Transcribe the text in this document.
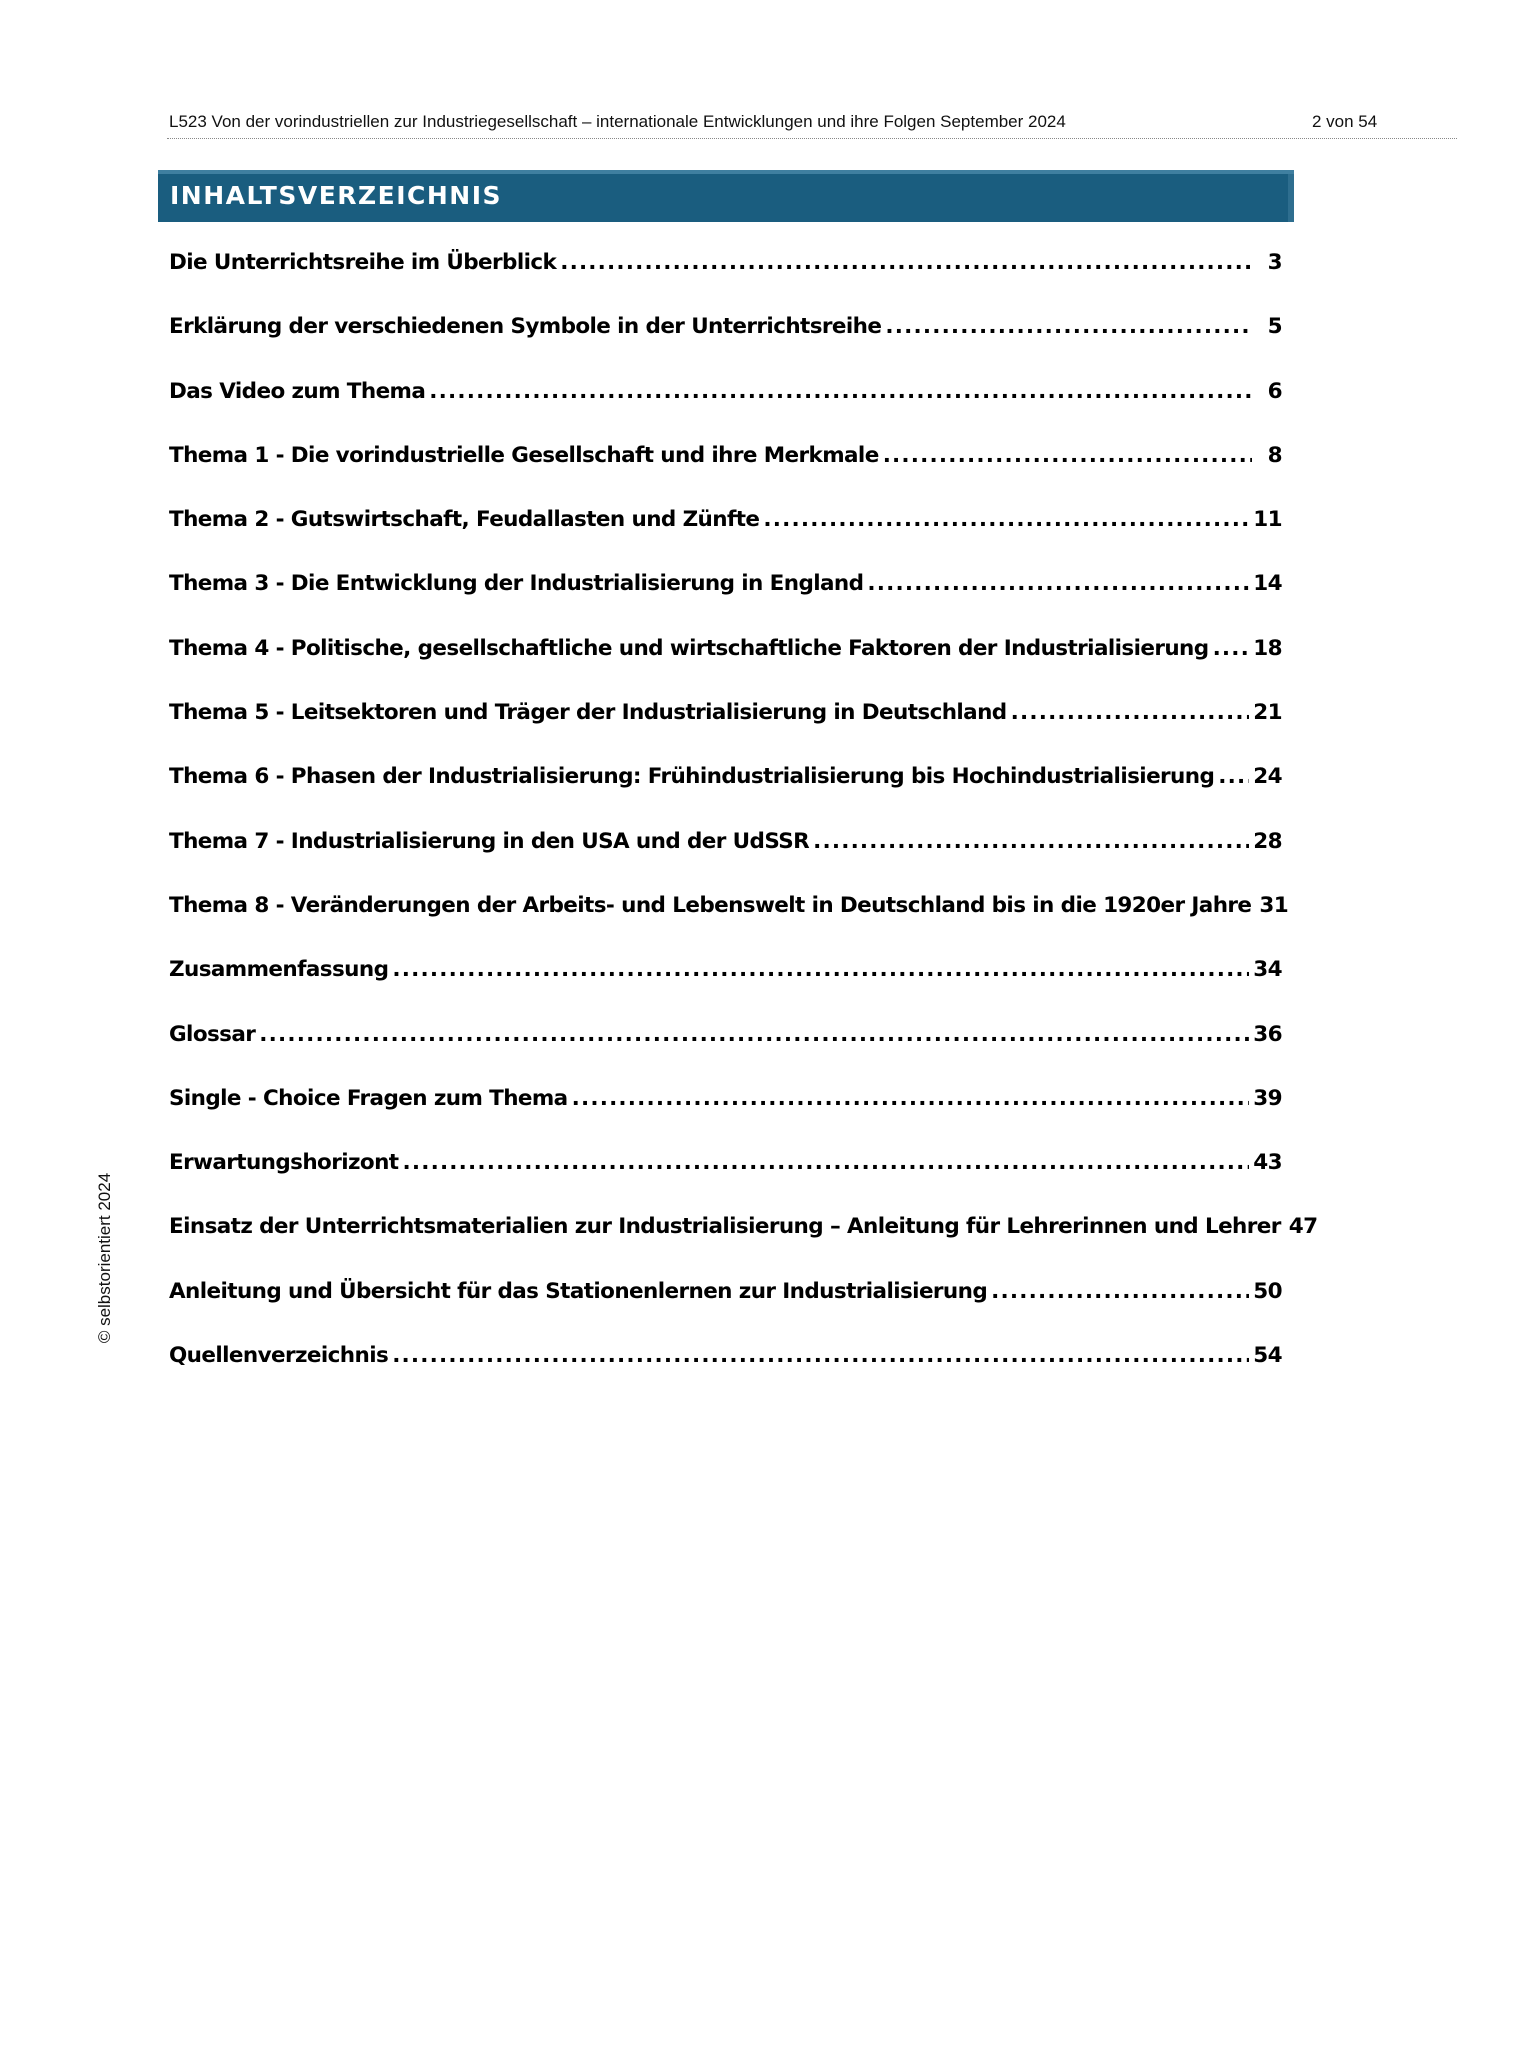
L523 Von der vorindustriellen zur Industriegesellschaft – internationale Entwicklungen und ihre Folgen September 2024	2 von 54
INHALTSVERZEICHNIS
Die Unterrichtsreihe im Überblick .....	3
Erklärung der verschiedenen Symbole in der Unterrichtsreihe .....	5
Das Video zum Thema .....	6
Thema 1 - Die vorindustrielle Gesellschaft und ihre Merkmale .....	8
Thema 2 - Gutswirtschaft, Feudallasten und Zünfte .....	11
Thema 3 - Die Entwicklung der Industrialisierung in England .....	14
Thema 4 - Politische, gesellschaftliche und wirtschaftliche Faktoren der Industrialisierung ..... 18
Thema 5 - Leitsektoren und Träger der Industrialisierung in Deutschland .....	21
Thema 6 - Phasen der Industrialisierung: Frühindustrialisierung bis Hochindustrialisierung ..... 24
Thema 7 - Industrialisierung in den USA und der UdSSR .....	28
Thema 8 - Veränderungen der Arbeits- und Lebenswelt in Deutschland bis in die 1920er Jahre 31
Zusammenfassung .....	34
Glossar .....	36
Single - Choice Fragen zum Thema .....	39
Erwartungshorizont .....	43
Einsatz der Unterrichtsmaterialien zur Industrialisierung – Anleitung für Lehrerinnen und Lehrer 47
Anleitung und Übersicht für das Stationenlernen zur Industrialisierung .....	50
Quellenverzeichnis .....	54
© selbstorientiert 2024
